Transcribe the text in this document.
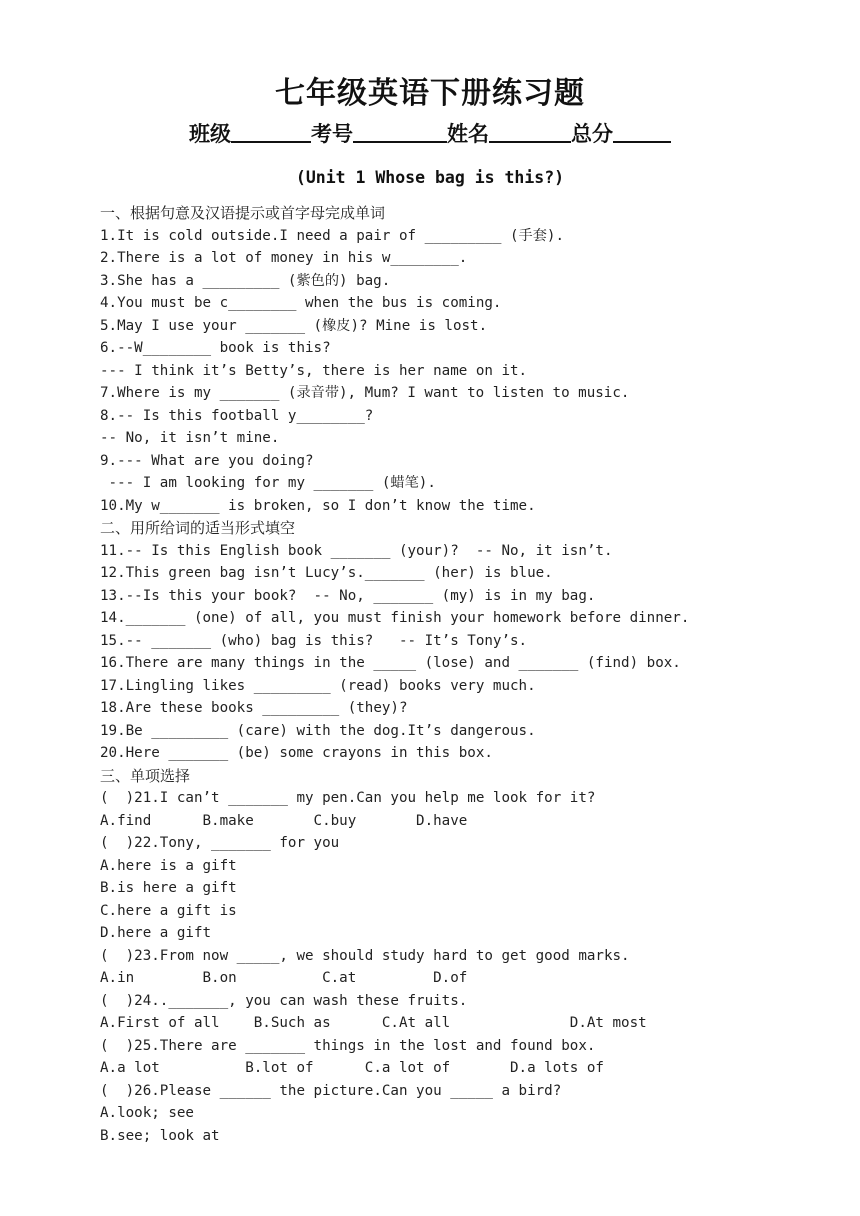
七年级英语下册练习题
班级	考号	姓名	总分
(Unit 1 Whose bag is this?)
一、根据句意及汉语提示或首字母完成单词
1.It is cold outside.I need a pair of _________ (手套).
2.There is a lot of money in his w________.
3.She has a _________ (紫色的) bag.
4.You must be c________ when the bus is coming.
5.May I use your _______ (橡皮)? Mine is lost.
6.--W________ book is this?
--- I think it’s Betty’s, there is her name on it.
7.Where is my _______ (录音带), Mum? I want to listen to music.
8.-- Is this football y________?
-- No, it isn’t mine.
9.--- What are you doing?
--- I am looking for my _______ (蜡笔).
10.My w_______ is broken, so I don’t know the time.
二、用所给词的适当形式填空
11.-- Is this English book _______ (your)?  -- No, it isn’t.
12.This green bag isn’t Lucy’s._______ (her) is blue.
13.--Is this your book?  -- No, _______ (my) is in my bag.
14._______ (one) of all, you must finish your homework before dinner.
15.-- _______ (who) bag is this?   -- It’s Tony’s.
16.There are many things in the _____ (lose) and _______ (find) box.
17.Lingling likes _________ (read) books very much.
18.Are these books _________ (they)?
19.Be _________ (care) with the dog.It’s dangerous.
20.Here _______ (be) some crayons in this box.
三、单项选择
(  )21.I can’t _______ my pen.Can you help me look for it?
A.find      B.make       C.buy       D.have
(  )22.Tony, _______ for you
A.here is a gift
B.is here a gift
C.here a gift is
D.here a gift
(  )23.From now _____, we should study hard to get good marks.
A.in        B.on          C.at         D.of
(  )24.._______, you can wash these fruits.
A.First of all    B.Such as      C.At all              D.At most
(  )25.There are _______ things in the lost and found box.
A.a lot          B.lot of      C.a lot of       D.a lots of
(  )26.Please ______ the picture.Can you _____ a bird?
A.look; see
B.see; look at
